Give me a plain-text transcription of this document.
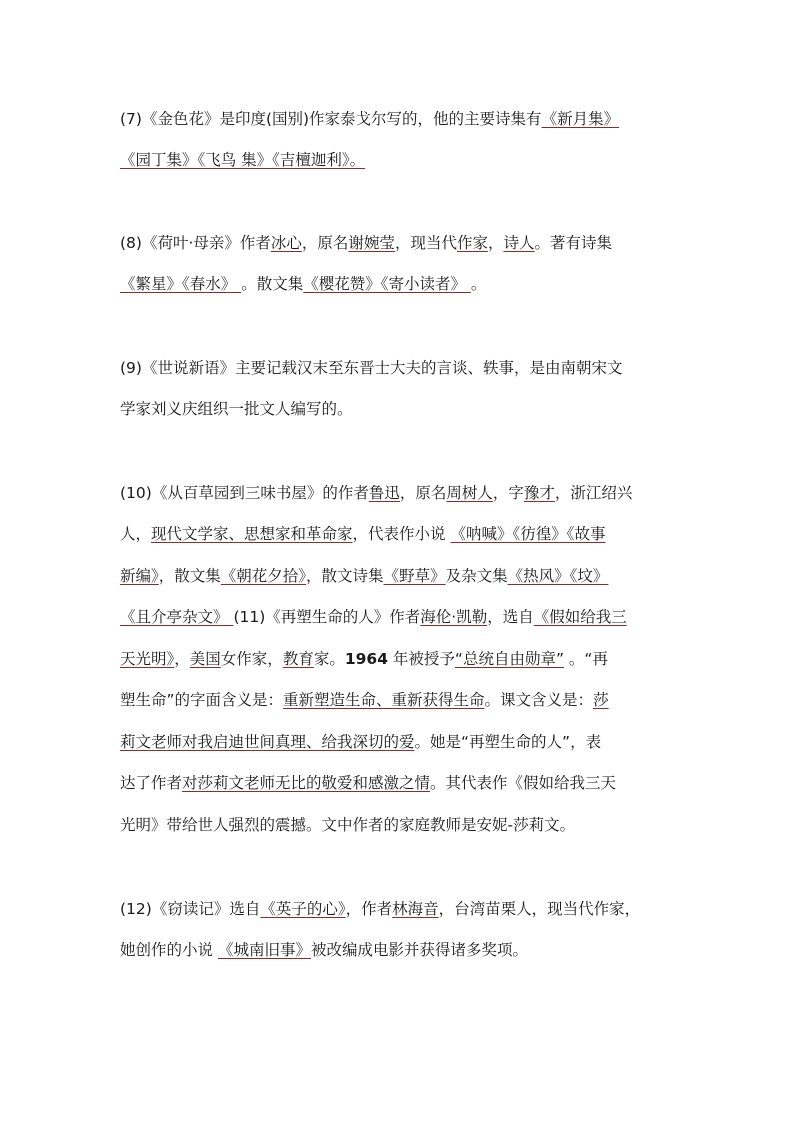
(7)《金色花》是印度(国别)作家泰戈尔写的，他的主要诗集有《新月集》
《园丁集》《飞鸟 集》《吉檀迦利》。
(8)《荷叶·母亲》作者冰心，原名谢婉莹，现当代作家，诗人。著有诗集
《繁星》《春水》 。散文集《樱花赞》《寄小读者》 。
(9)《世说新语》主要记载汉末至东晋士大夫的言谈、轶事，是由南朝宋文
学家刘义庆组织一批文人编写的。
(10)《从百草园到三味书屋》的作者鲁迅，原名周树人，字豫才，浙江绍兴
人，现代文学家、思想家和革命家，代表作小说 《呐喊》《彷徨》《故事
新编》，散文集《朝花夕拾》，散文诗集《野草》及杂文集《热风》《坟》
《且介亭杂文》 (11)《再塑生命的人》作者海伦·凯勒，选自《假如给我三
天光明》，美国女作家，教育家。1964 年被授予“总统自由勋章” 。“再
塑生命”的字面含义是：重新塑造生命、重新获得生命。课文含义是：莎
莉文老师对我启迪世间真理、给我深切的爱。她是“再塑生命的人”，表
达了作者对莎莉文老师无比的敬爱和感激之情。其代表作《假如给我三天
光明》带给世人强烈的震撼。文中作者的家庭教师是安妮-莎莉文。
(12)《窃读记》选自《英子的心》，作者林海音，台湾苗栗人，现当代作家，
她创作的小说 《城南旧事》被改编成电影并获得诸多奖项。
